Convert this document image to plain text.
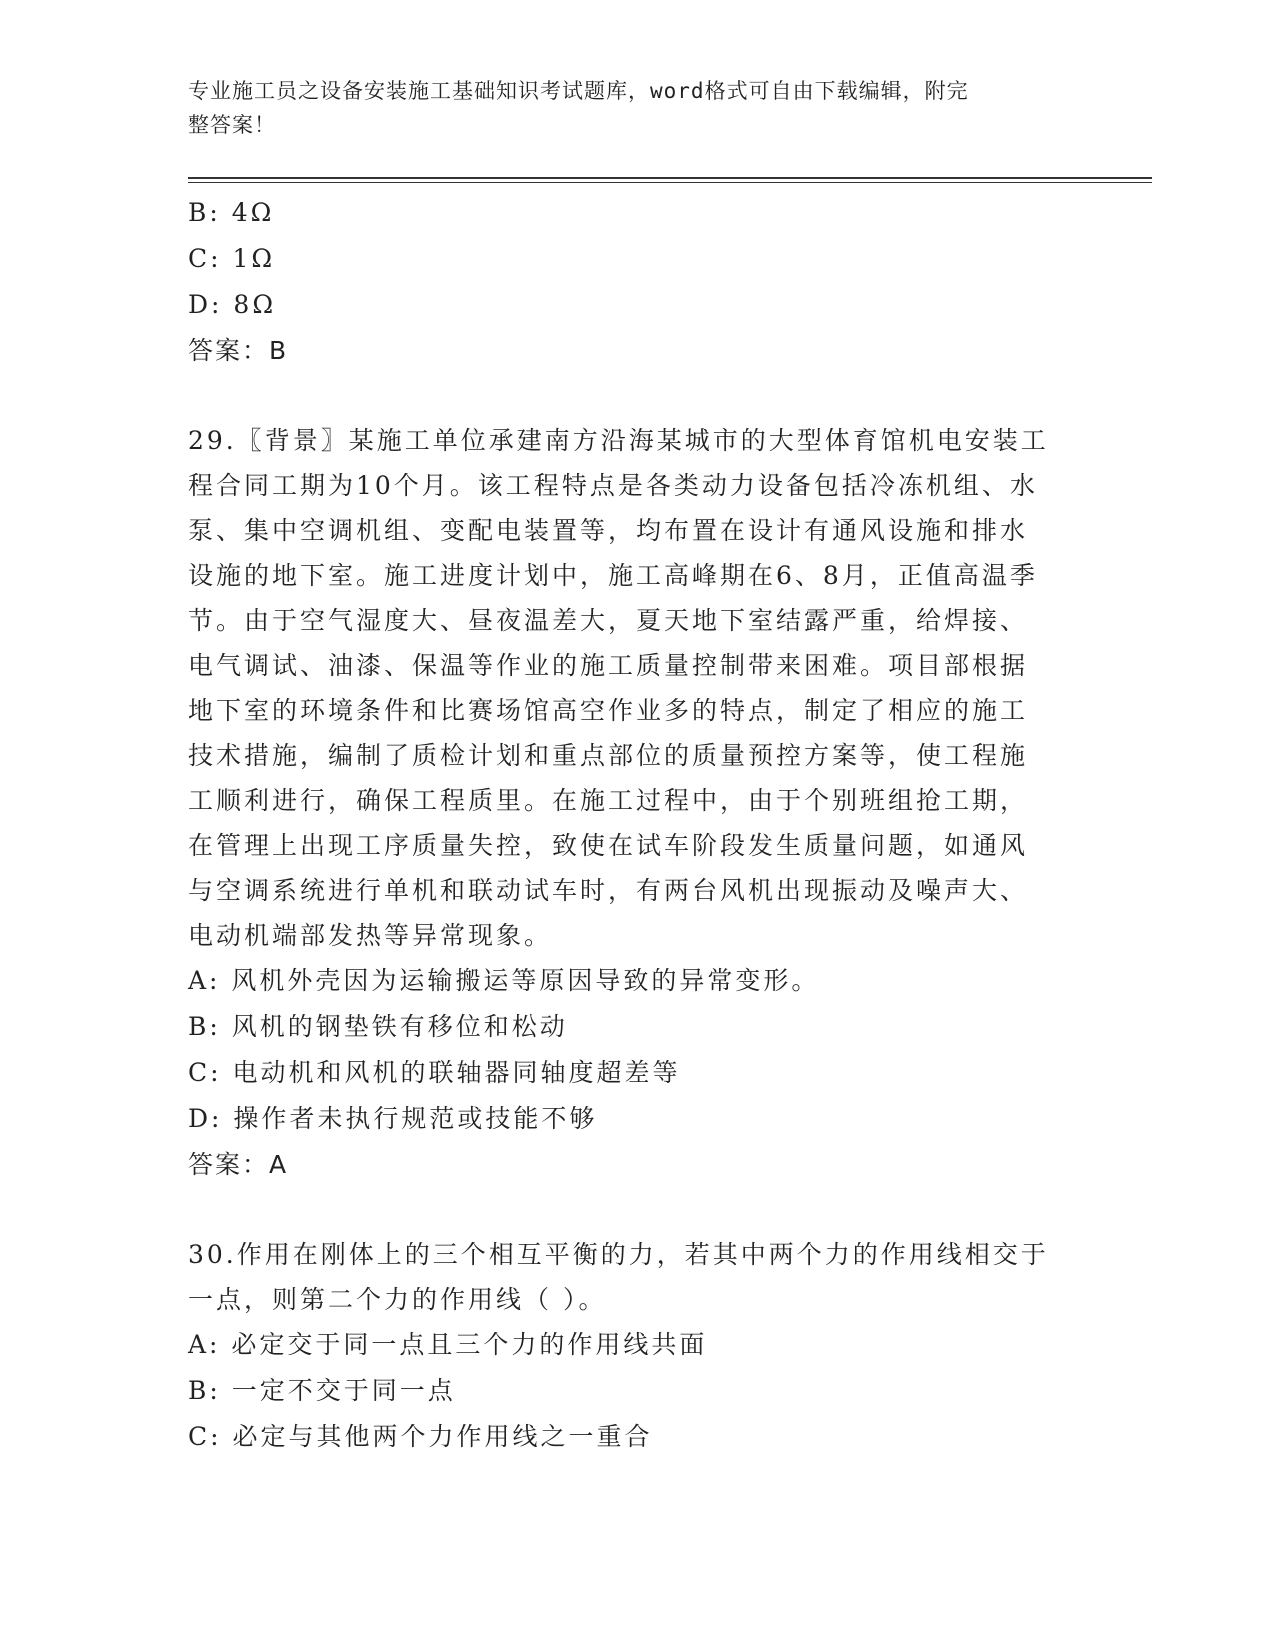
专业施工员之设备安装施工基础知识考试题库，word格式可自由下载编辑，附完
整答案！
B: 4Ω
C: 1Ω
D: 8Ω
答案：B
29.〖背景〗某施工单位承建南方沿海某城市的大型体育馆机电安装工
程合同工期为10个月。该工程特点是各类动力设备包括冷冻机组、水
泵、集中空调机组、变配电装置等，均布置在设计有通风设施和排水
设施的地下室。施工进度计划中，施工高峰期在6、8月，正值高温季
节。由于空气湿度大、昼夜温差大，夏天地下室结露严重，给焊接、
电气调试、油漆、保温等作业的施工质量控制带来困难。项目部根据
地下室的环境条件和比赛场馆高空作业多的特点，制定了相应的施工
技术措施，编制了质检计划和重点部位的质量预控方案等，使工程施
工顺利进行，确保工程质里。在施工过程中，由于个别班组抢工期，
在管理上出现工序质量失控，致使在试车阶段发生质量问题，如通风
与空调系统进行单机和联动试车时，有两台风机出现振动及噪声大、
电动机端部发热等异常现象。
A: 风机外壳因为运输搬运等原因导致的异常变形。
B: 风机的钢垫铁有移位和松动
C: 电动机和风机的联轴器同轴度超差等
D: 操作者未执行规范或技能不够
答案：A
30.作用在刚体上的三个相互平衡的力，若其中两个力的作用线相交于
一点，则第二个力的作用线（ ）。
A: 必定交于同一点且三个力的作用线共面
B: 一定不交于同一点
C: 必定与其他两个力作用线之一重合
